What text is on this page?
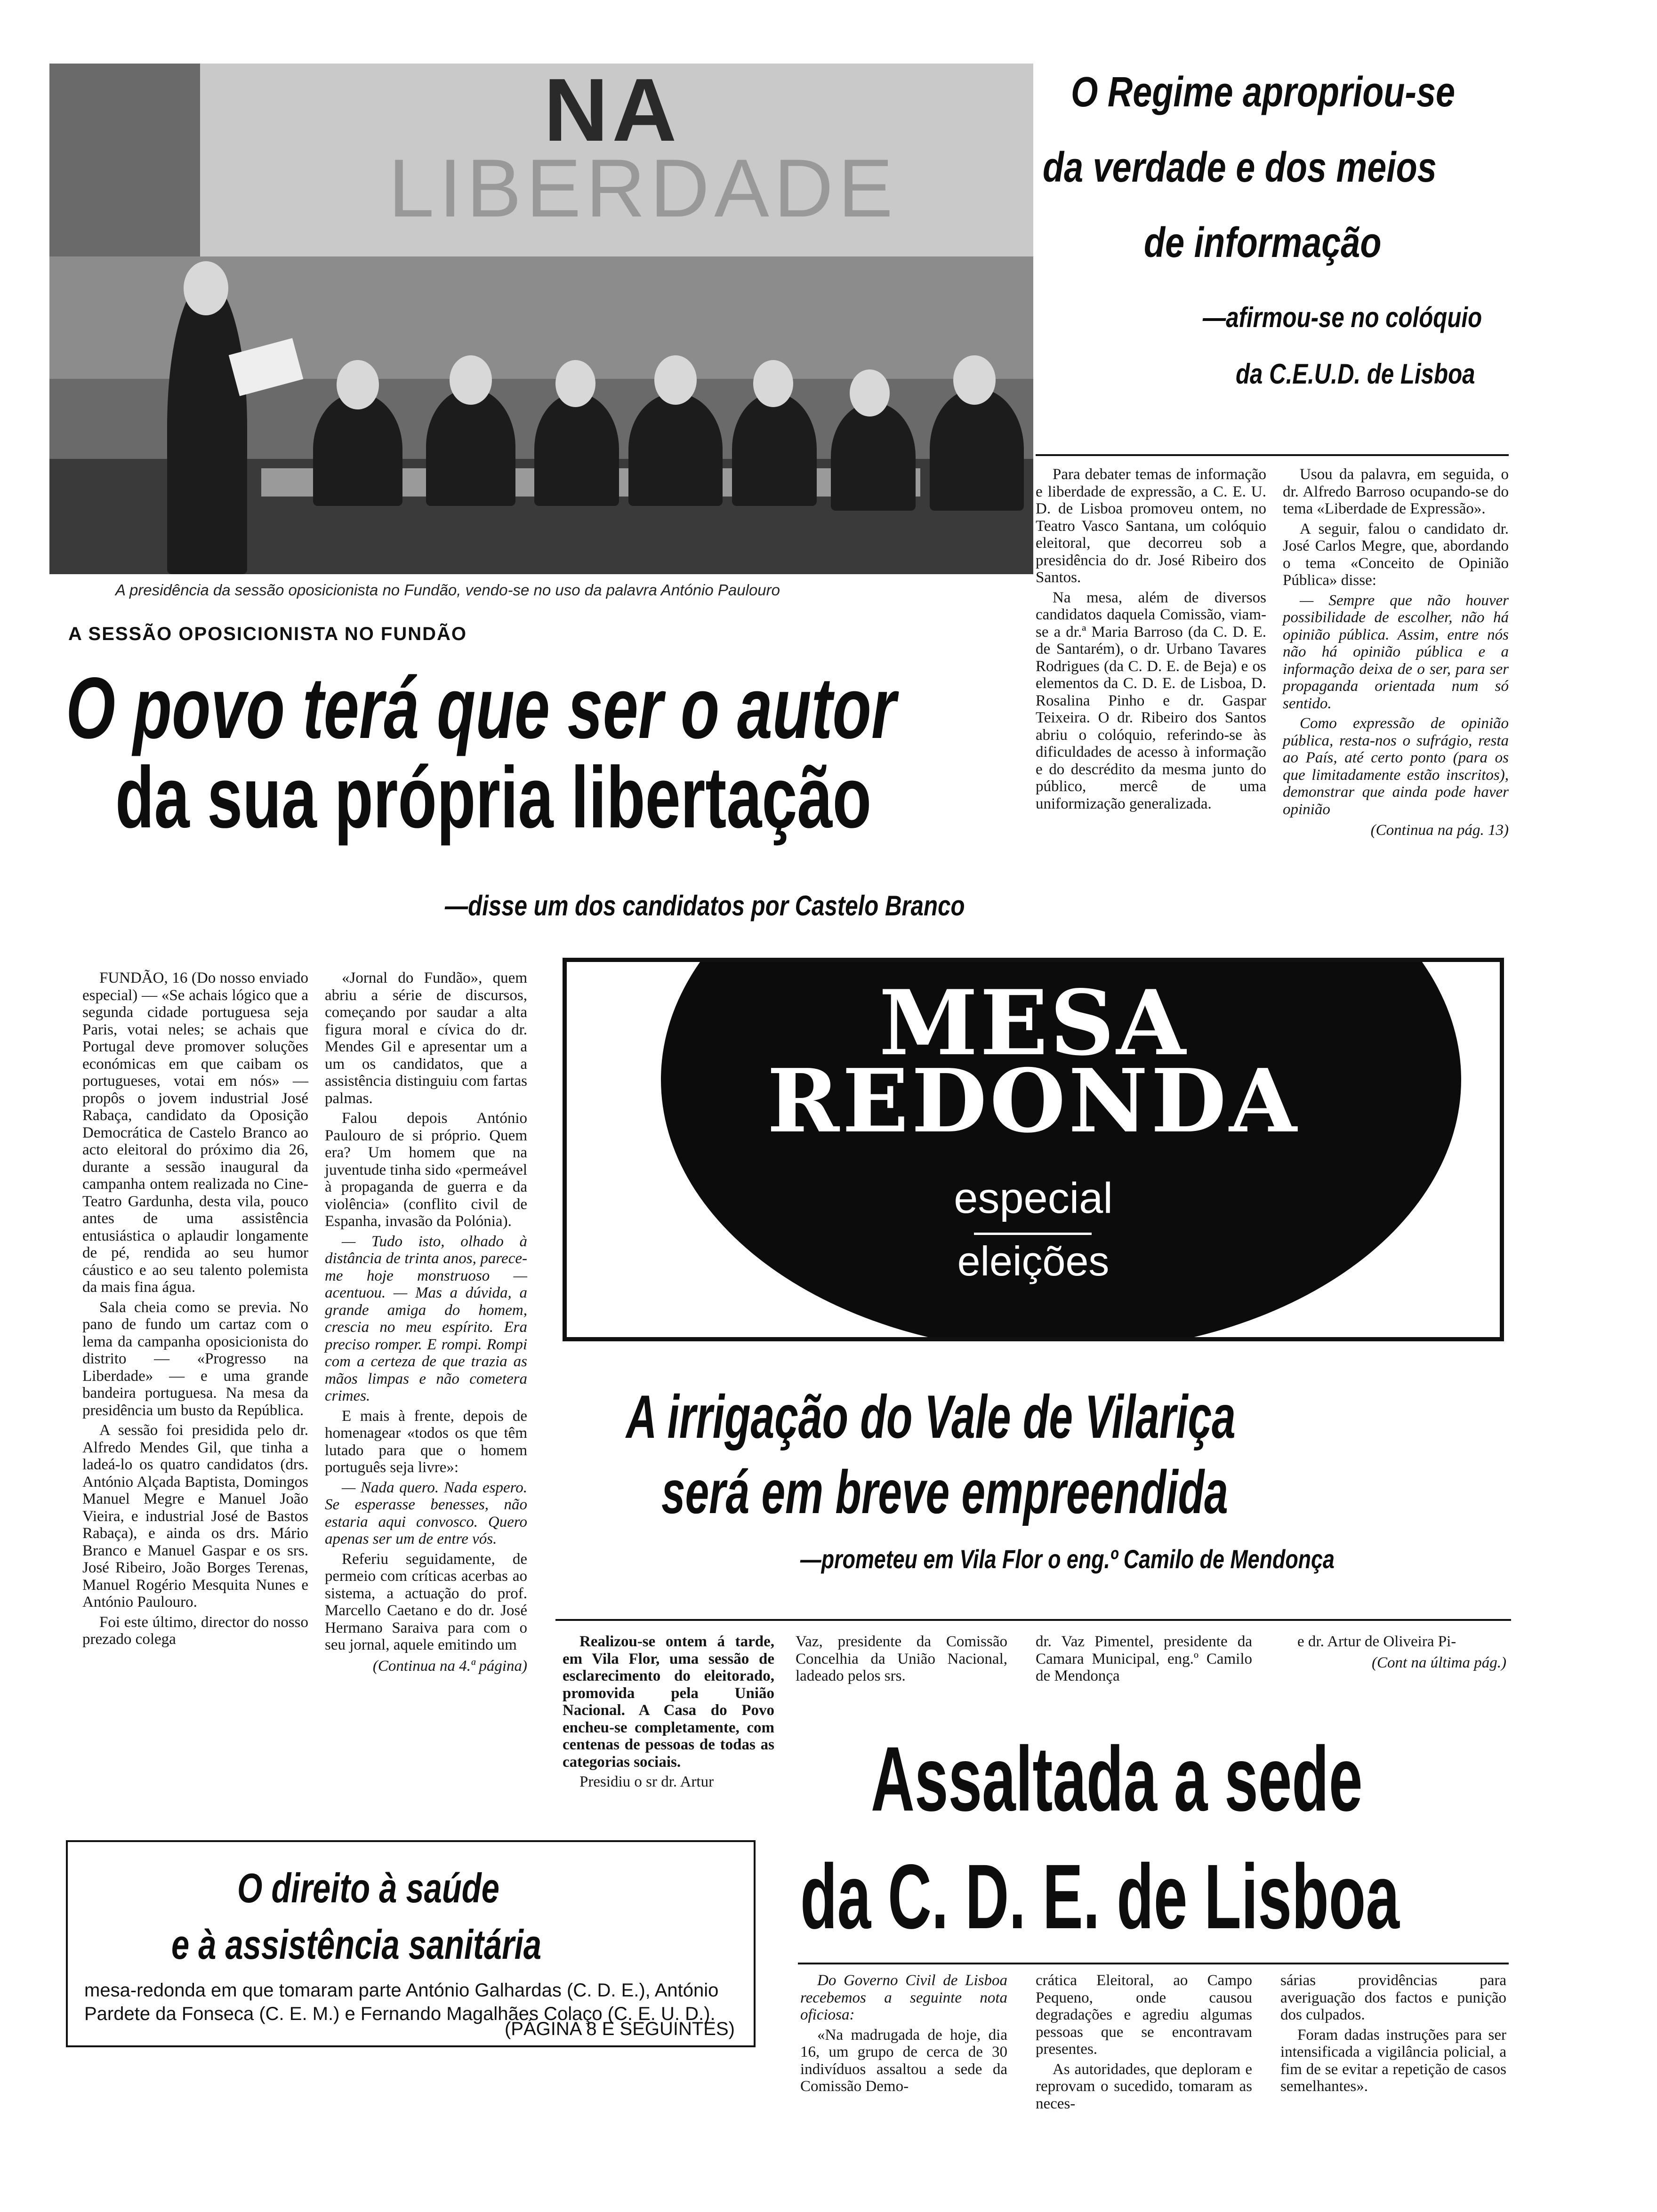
NA
LIBERDADE
A presidência da sessão oposicionista no Fundão, vendo-se no uso da palavra António Paulouro
O Regime apropriou-se
da verdade e dos meios
de informação
—afirmou-se no colóquio
da C.E.U.D. de Lisboa

Para debater temas de informação e liberdade de expressão, a C. E. U. D. de Lisboa promoveu ontem, no Teatro Vasco Santana, um colóquio eleitoral, que decorreu sob a presidência do dr. José Ribeiro dos Santos.

Na mesa, além de diversos candidatos daquela Comissão, viam-se a dr.ª Maria Barroso (da C. D. E. de Santarém), o dr. Urbano Tavares Rodrigues (da C. D. E. de Beja) e os elementos da C. D. E. de Lisboa, D. Rosalina Pinho e dr. Gaspar Teixeira. O dr. Ribeiro dos Santos abriu o colóquio, referindo-se às dificuldades de acesso à informação e do descrédito da mesma junto do público, mercê de uma uniformização generalizada.

Usou da palavra, em seguida, o dr. Alfredo Barroso ocupando-se do tema «Liberdade de Expressão».

A seguir, falou o candidato dr. José Carlos Megre, que, abordando o tema «Conceito de Opinião Pública» disse:

— Sempre que não houver possibilidade de escolher, não há opinião pública. Assim, entre nós não há opinião pública e a informação deixa de o ser, para ser propaganda orientada num só sentido.

Como expressão de opinião pública, resta-nos o sufrágio, resta ao País, até certo ponto (para os que limitadamente estão inscritos), demonstrar que ainda pode haver opinião

(Continua na pág. 13)

A SESSÃO OPOSICIONISTA NO FUNDÃO
O povo terá que ser o autor
da sua própria libertação
—disse um dos candidatos por Castelo Branco

FUNDÃO, 16 (Do nosso enviado especial) — «Se achais lógico que a segunda cidade portuguesa seja Paris, votai neles; se achais que Portugal deve promover soluções económicas em que caibam os portugueses, votai em nós» — propôs o jovem industrial José Rabaça, candidato da Oposição Democrática de Castelo Branco ao acto eleitoral do próximo dia 26, durante a sessão inaugural da campanha ontem realizada no Cine-Teatro Gardunha, desta vila, pouco antes de uma assistência entusiástica o aplaudir longamente de pé, rendida ao seu humor cáustico e ao seu talento polemista da mais fina água.

Sala cheia como se previa. No pano de fundo um cartaz com o lema da campanha oposicionista do distrito — «Progresso na Liberdade» — e uma grande bandeira portuguesa. Na mesa da presidência um busto da República.

A sessão foi presidida pelo dr. Alfredo Mendes Gil, que tinha a ladeá-lo os quatro candidatos (drs. António Alçada Baptista, Domingos Manuel Megre e Manuel João Vieira, e industrial José de Bastos Rabaça), e ainda os drs. Mário Branco e Manuel Gaspar e os srs. José Ribeiro, João Borges Terenas, Manuel Rogério Mesquita Nunes e António Paulouro.

Foi este último, director do nosso prezado colega

«Jornal do Fundão», quem abriu a série de discursos, começando por saudar a alta figura moral e cívica do dr. Mendes Gil e apresentar um a um os candidatos, que a assistência distinguiu com fartas palmas.

Falou depois António Paulouro de si próprio. Quem era? Um homem que na juventude tinha sido «permeável à propaganda de guerra e da violência» (conflito civil de Espanha, invasão da Polónia).

— Tudo isto, olhado à distância de trinta anos, parece-me hoje monstruoso — acentuou. — Mas a dúvida, a grande amiga do homem, crescia no meu espírito. Era preciso romper. E rompi. Rompi com a certeza de que trazia as mãos limpas e não cometera crimes.

E mais à frente, depois de homenagear «todos os que têm lutado para que o homem português seja livre»:

— Nada quero. Nada espero. Se esperasse benesses, não estaria aqui convosco. Quero apenas ser um de entre vós.

Referiu seguidamente, de permeio com críticas acerbas ao sistema, a actuação do prof. Marcello Caetano e do dr. José Hermano Saraiva para com o seu jornal, aquele emitindo um

(Continua na 4.ª página)

MESA
REDONDA
especial
eleições
A irrigação do Vale de Vilariça
será em breve empreendida
—prometeu em Vila Flor o eng.º Camilo de Mendonça

Realizou-se ontem á tarde, em Vila Flor, uma sessão de esclarecimento do eleitorado, promovida pela União Nacional. A Casa do Povo encheu-se completamente, com centenas de pessoas de todas as categorias sociais.

Presidiu o sr dr. Artur

Vaz, presidente da Comissão Concelhia da União Nacional, ladeado pelos srs.

dr. Vaz Pimentel, presidente da Camara Municipal, eng.º Camilo de Mendonça

e dr. Artur de Oliveira Pi-

(Cont na última pág.)

Assaltada a sede
da C. D. E. de Lisboa

Do Governo Civil de Lisboa recebemos a seguinte nota oficiosa:

«Na madrugada de hoje, dia 16, um grupo de cerca de 30 indivíduos assaltou a sede da Comissão Demo-

crática Eleitoral, ao Campo Pequeno, onde causou degradações e agrediu algumas pessoas que se encontravam presentes.

As autoridades, que deploram e reprovam o sucedido, tomaram as neces-

sárias providências para averiguação dos factos e punição dos culpados.

Foram dadas instruções para ser intensificada a vigilância policial, a fim de se evitar a repetição de casos semelhantes».

O direito à saúde
e à assistência sanitária
mesa-redonda em que tomaram parte António Galhardas (C. D. E.), António Pardete da Fonseca (C. E. M.) e Fernando Magalhães Colaço (C. E. U. D.).
(PÁGINA 8 E SEGUINTES)
